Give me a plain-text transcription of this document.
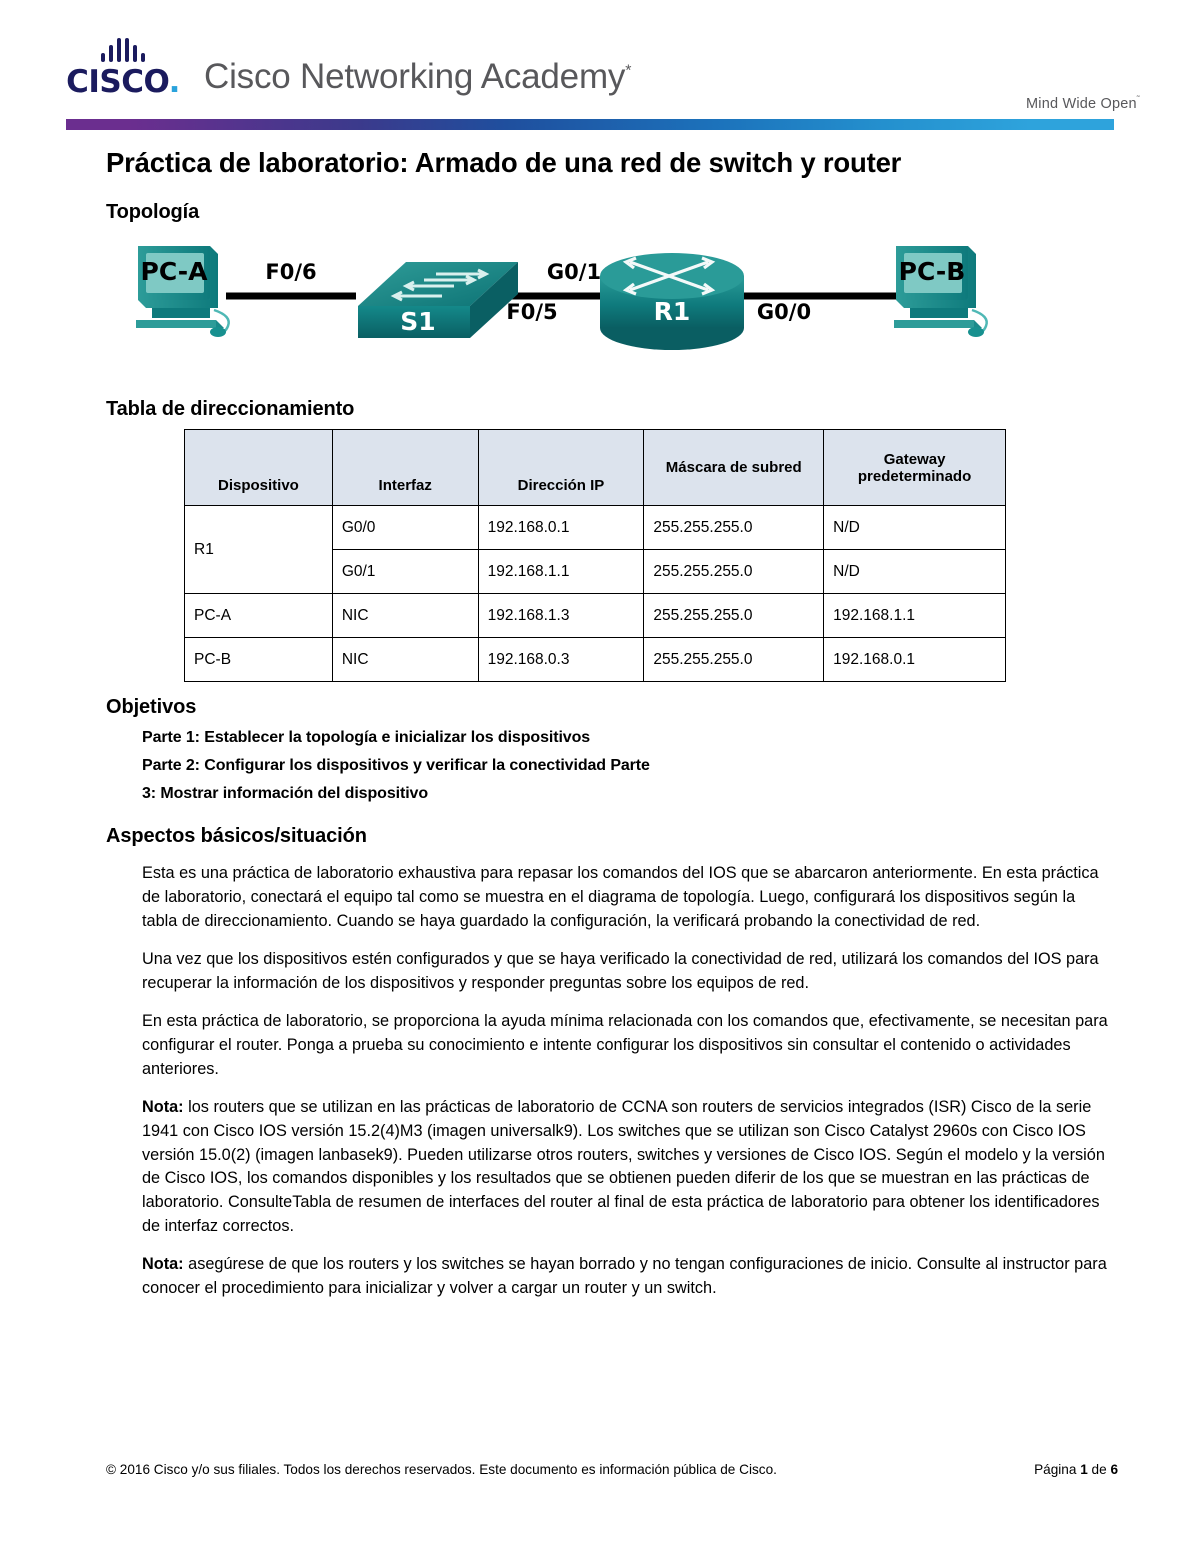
CISCO. Cisco Networking Academy*
Mind Wide Open˜
Práctica de laboratorio: Armado de una red de switch y router
Topología
PC-A
S1	R1
PC-B
F0/6
F0/5
G0/1
G0/0
Tabla de direccionamiento
Dispositivo	Interfaz	Dirección IP	Máscara de subred	Gateway predeterminado
R1	G0/0	192.168.0.1	255.255.255.0	N/D
	G0/1	192.168.1.1	255.255.255.0	N/D
PC-A	NIC	192.168.1.3	255.255.255.0	192.168.1.1
PC-B	NIC	192.168.0.3	255.255.255.0	192.168.0.1
Objetivos

Parte 1: Establecer la topología e inicializar los dispositivos

Parte 2: Configurar los dispositivos y verificar la conectividad Parte

3: Mostrar información del dispositivo

Aspectos básicos/situación

Esta es una práctica de laboratorio exhaustiva para repasar los comandos del IOS que se abarcaron anteriormente. En esta práctica de laboratorio, conectará el equipo tal como se muestra en el diagrama de topología. Luego, configurará los dispositivos según la tabla de direccionamiento. Cuando se haya guardado la configuración, la verificará probando la conectividad de red.

Una vez que los dispositivos estén configurados y que se haya verificado la conectividad de red, utilizará los comandos del IOS para recuperar la información de los dispositivos y responder preguntas sobre los equipos de red.

En esta práctica de laboratorio, se proporciona la ayuda mínima relacionada con los comandos que, efectivamente, se necesitan para configurar el router. Ponga a prueba su conocimiento e intente configurar los dispositivos sin consultar el contenido o actividades anteriores.

Nota: los routers que se utilizan en las prácticas de laboratorio de CCNA son routers de servicios integrados (ISR) Cisco de la serie 1941 con Cisco IOS versión 15.2(4)M3 (imagen universalk9). Los switches que se utilizan son Cisco Catalyst 2960s con Cisco IOS versión 15.0(2) (imagen lanbasek9). Pueden utilizarse otros routers, switches y versiones de Cisco IOS. Según el modelo y la versión de Cisco IOS, los comandos disponibles y los resultados que se obtienen pueden diferir de los que se muestran en las prácticas de laboratorio. ConsulteTabla de resumen de interfaces del router al final de esta práctica de laboratorio para obtener los identificadores de interfaz correctos.

Nota: asegúrese de que los routers y los switches se hayan borrado y no tengan configuraciones de inicio. Consulte al instructor para conocer el procedimiento para inicializar y volver a cargar un router y un switch.

© 2016 Cisco y/o sus filiales. Todos los derechos reservados. Este documento es información pública de Cisco.	Página 1 de 6
